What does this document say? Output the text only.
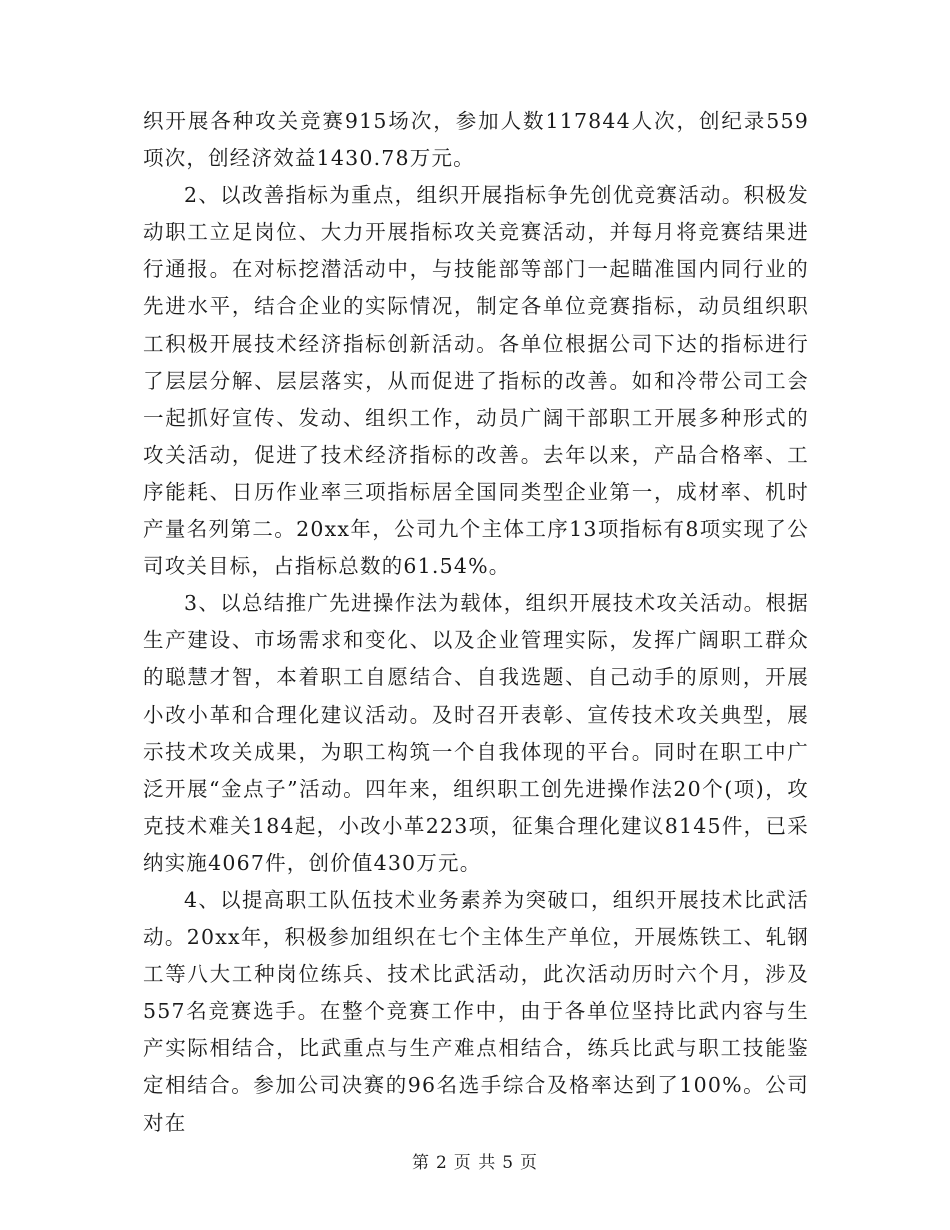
织开展各种攻关竞赛915场次，参加人数117844人次，创纪录559项次，创经济效益1430.78万元。

2、以改善指标为重点，组织开展指标争先创优竞赛活动。积极发动职工立足岗位、大力开展指标攻关竞赛活动，并每月将竞赛结果进行通报。在对标挖潜活动中，与技能部等部门一起瞄准国内同行业的先进水平，结合企业的实际情况，制定各单位竞赛指标，动员组织职工积极开展技术经济指标创新活动。各单位根据公司下达的指标进行了层层分解、层层落实，从而促进了指标的改善。如和冷带公司工会一起抓好宣传、发动、组织工作，动员广阔干部职工开展多种形式的攻关活动，促进了技术经济指标的改善。去年以来，产品合格率、工序能耗、日历作业率三项指标居全国同类型企业第一，成材率、机时产量名列第二。20xx年，公司九个主体工序13项指标有8项实现了公司攻关目标，占指标总数的61.54%。

3、以总结推广先进操作法为载体，组织开展技术攻关活动。根据生产建设、市场需求和变化、以及企业管理实际，发挥广阔职工群众的聪慧才智，本着职工自愿结合、自我选题、自己动手的原则，开展小改小革和合理化建议活动。及时召开表彰、宣传技术攻关典型，展示技术攻关成果，为职工构筑一个自我体现的平台。同时在职工中广泛开展“金点子”活动。四年来，组织职工创先进操作法20个(项)，攻克技术难关184起，小改小革223项，征集合理化建议8145件，已采纳实施4067件，创价值430万元。

4、以提高职工队伍技术业务素养为突破口，组织开展技术比武活动。20xx年，积极参加组织在七个主体生产单位，开展炼铁工、轧钢工等八大工种岗位练兵、技术比武活动，此次活动历时六个月，涉及557名竞赛选手。在整个竞赛工作中，由于各单位坚持比武内容与生产实际相结合，比武重点与生产难点相结合，练兵比武与职工技能鉴定相结合。参加公司决赛的96名选手综合及格率达到了100%。公司对在

第 2 页 共 5 页
